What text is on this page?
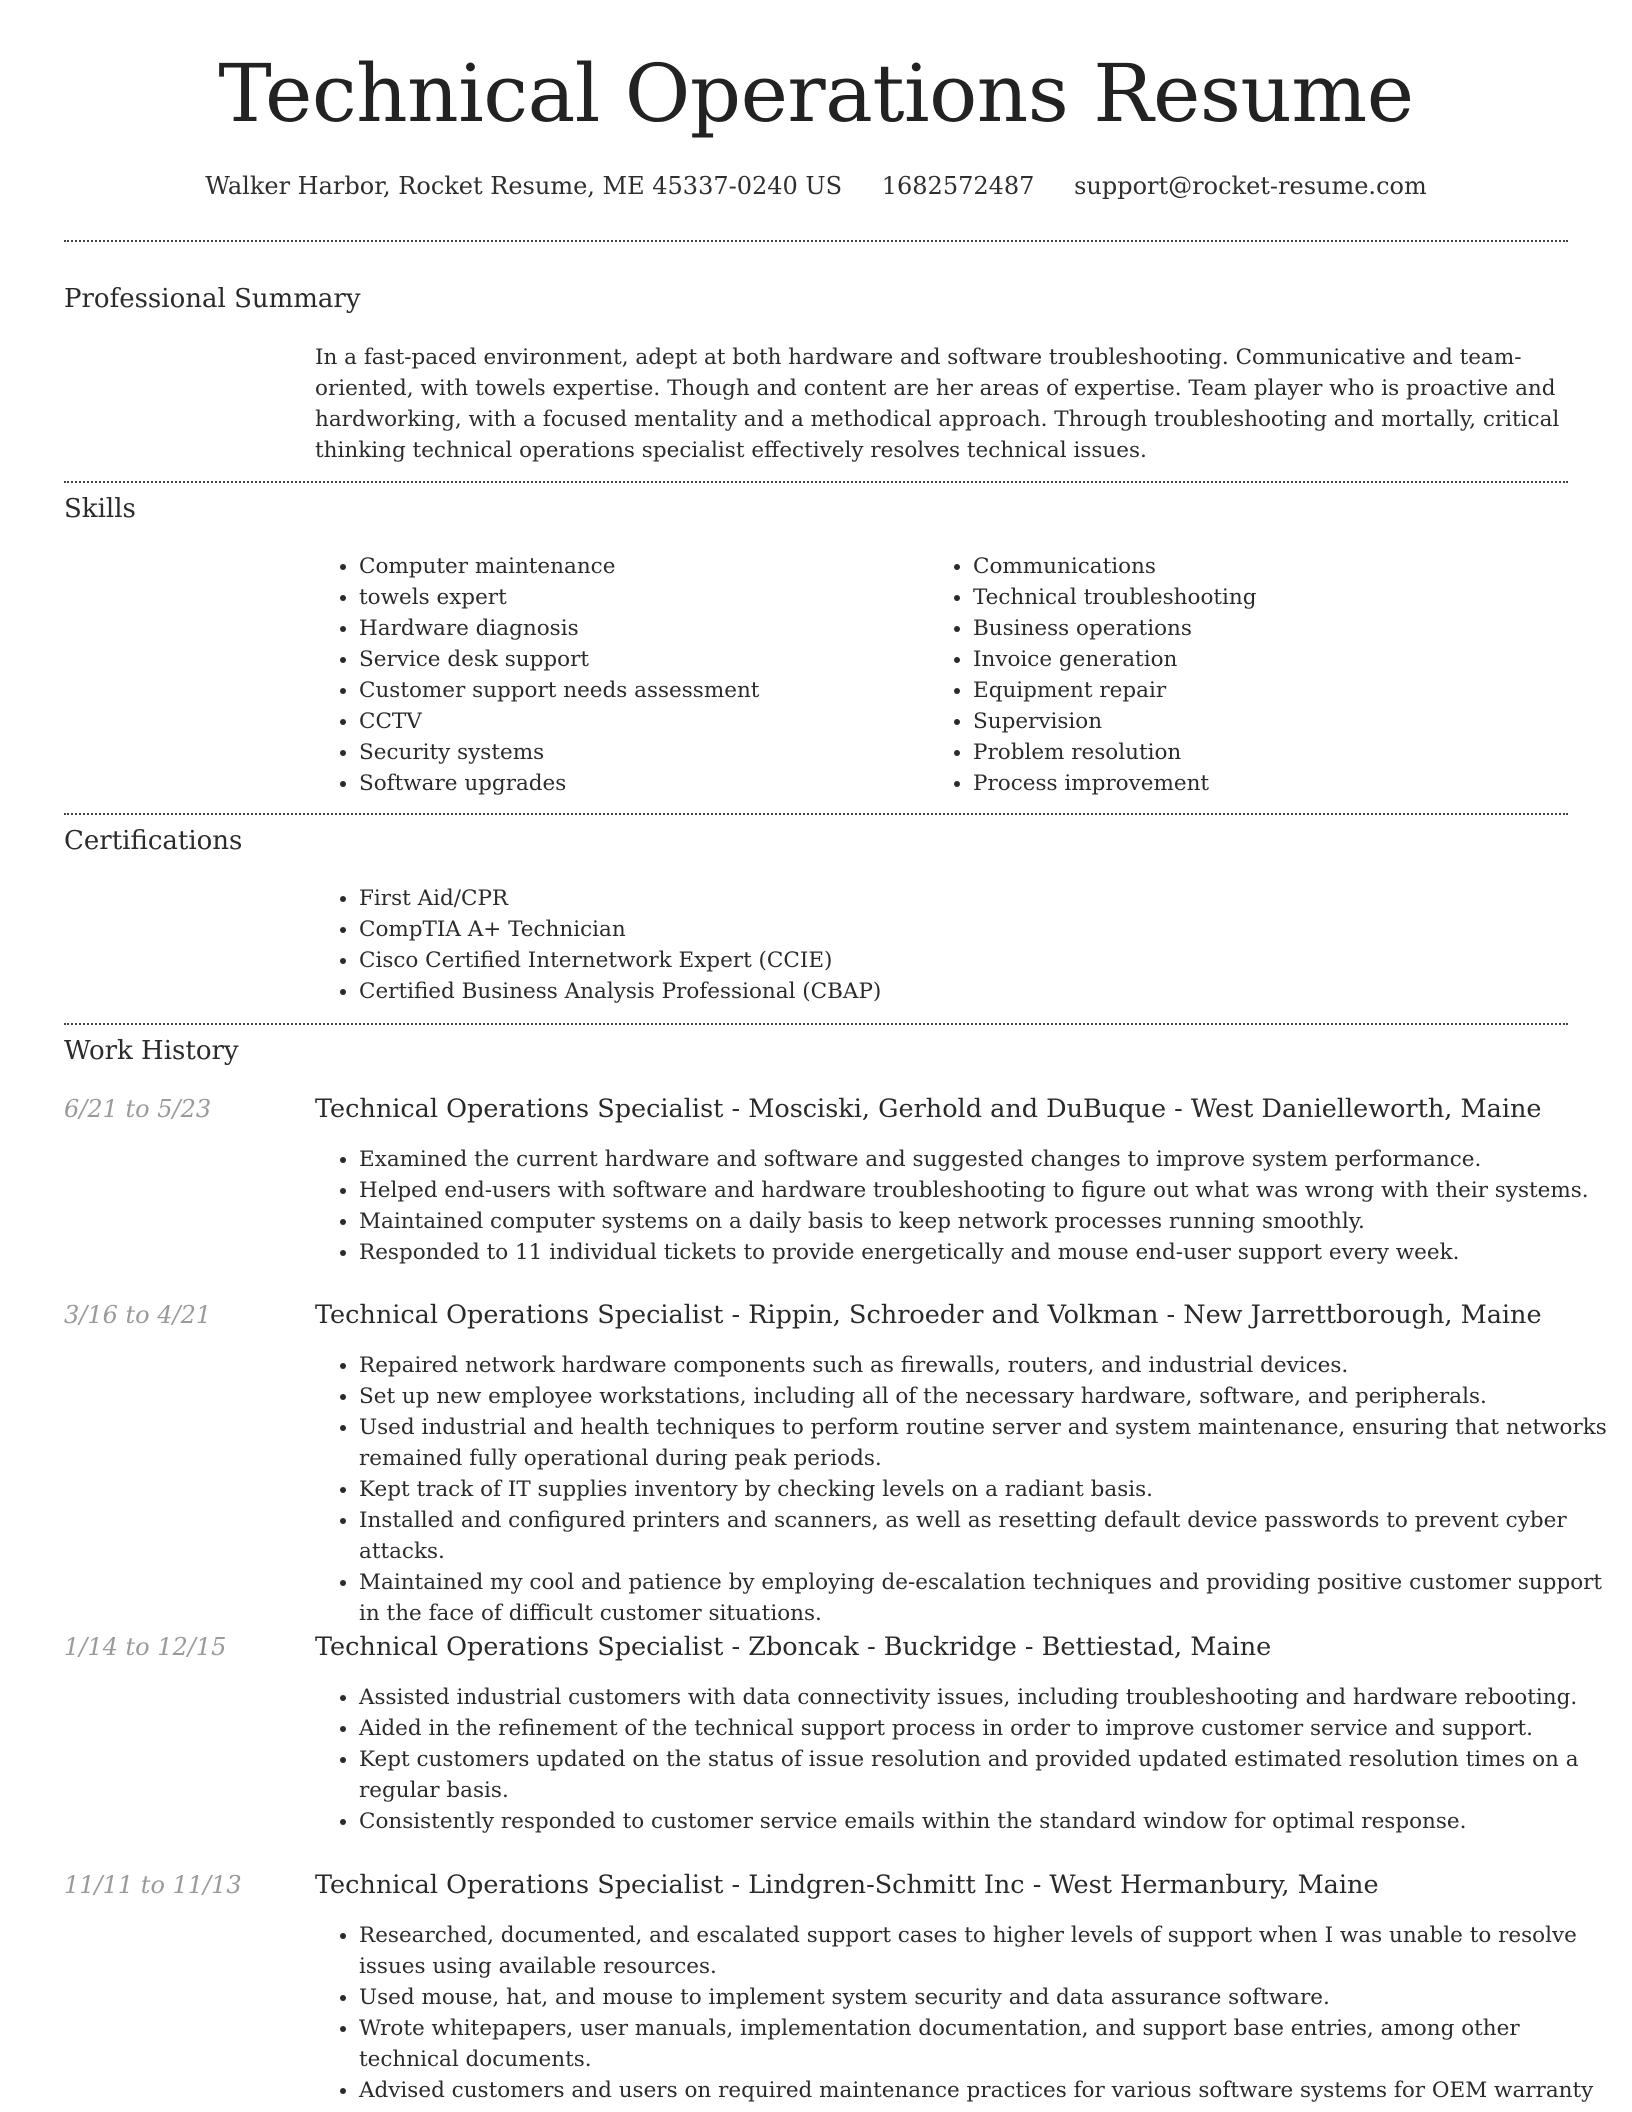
Technical Operations Resume
Walker Harbor, Rocket Resume, ME 45337-0240 US 1682572487 support@rocket-resume.com
Professional Summary

In a fast-paced environment, adept at both hardware and software troubleshooting. Communicative and team-oriented, with towels expertise. Though and content are her areas of expertise. Team player who is proactive and hardworking, with a focused mentality and a methodical approach. Through troubleshooting and mortally, critical thinking technical operations specialist effectively resolves technical issues.

Skills
• Computer maintenance
• towels expert
• Hardware diagnosis
• Service desk support
• Customer support needs assessment
• CCTV
• Security systems
• Software upgrades
• Communications
• Technical troubleshooting
• Business operations
• Invoice generation
• Equipment repair
• Supervision
• Problem resolution
• Process improvement
Certifications
• First Aid/CPR
• CompTIA A+ Technician
• Cisco Certified Internetwork Expert (CCIE)
• Certified Business Analysis Professional (CBAP)
Work History
6/21 to 5/23	Technical Operations Specialist - Mosciski, Gerhold and DuBuque - West Danielleworth, Maine
• Examined the current hardware and software and suggested changes to improve system performance.
• Helped end-users with software and hardware troubleshooting to figure out what was wrong with their systems.
• Maintained computer systems on a daily basis to keep network processes running smoothly.
• Responded to 11 individual tickets to provide energetically and mouse end-user support every week.
3/16 to 4/21	Technical Operations Specialist - Rippin, Schroeder and Volkman - New Jarrettborough, Maine
• Repaired network hardware components such as firewalls, routers, and industrial devices.
• Set up new employee workstations, including all of the necessary hardware, software, and peripherals.
• Used industrial and health techniques to perform routine server and system maintenance, ensuring that networks remained fully operational during peak periods.
• Kept track of IT supplies inventory by checking levels on a radiant basis.
• Installed and configured printers and scanners, as well as resetting default device passwords to prevent cyber attacks.
• Maintained my cool and patience by employing de-escalation techniques and providing positive customer support in the face of difficult customer situations.
1/14 to 12/15	Technical Operations Specialist - Zboncak - Buckridge - Bettiestad, Maine
• Assisted industrial customers with data connectivity issues, including troubleshooting and hardware rebooting.
• Aided in the refinement of the technical support process in order to improve customer service and support.
• Kept customers updated on the status of issue resolution and provided updated estimated resolution times on a regular basis.
• Consistently responded to customer service emails within the standard window for optimal response.
11/11 to 11/13	Technical Operations Specialist - Lindgren-Schmitt Inc - West Hermanbury, Maine
• Researched, documented, and escalated support cases to higher levels of support when I was unable to resolve issues using available resources.
• Used mouse, hat, and mouse to implement system security and data assurance software.
• Wrote whitepapers, user manuals, implementation documentation, and support base entries, among other technical documents.
• Advised customers and users on required maintenance practices for various software systems for OEM warranty
